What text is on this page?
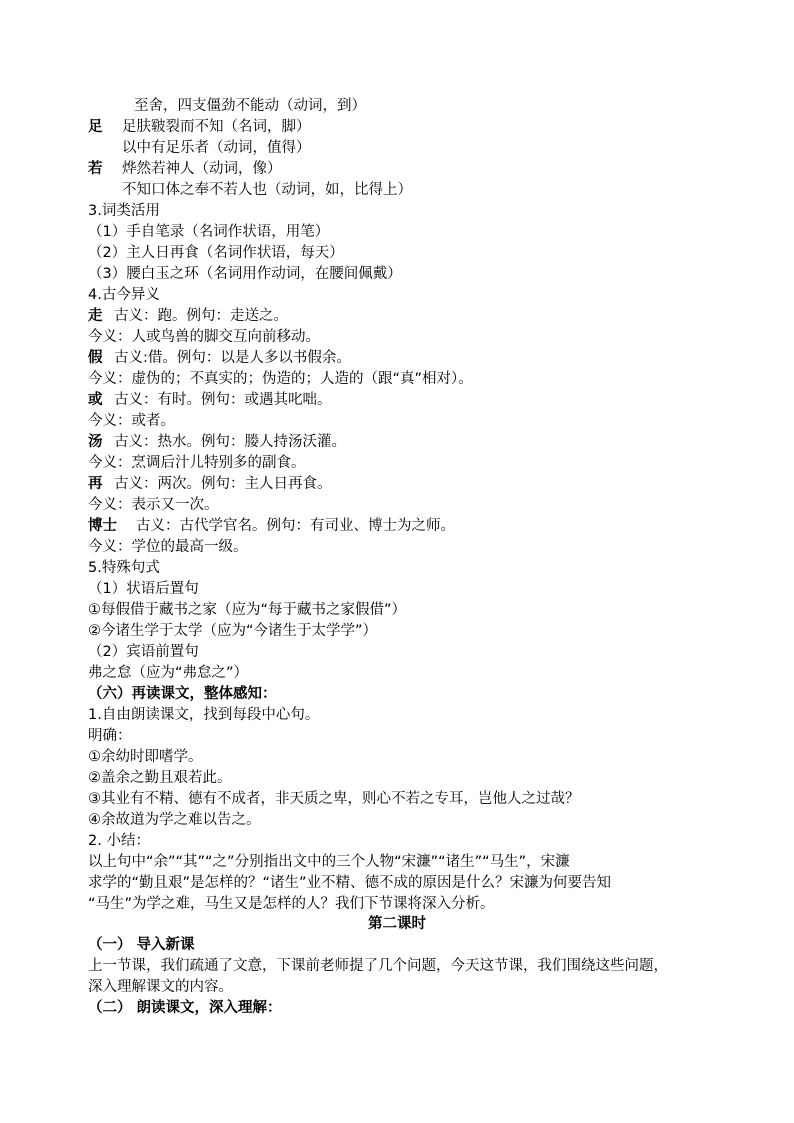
至舍，四支僵劲不能动（动词，到）
足 足肤皲裂而不知（名词，脚）
以中有足乐者（动词，值得）
若 烨然若神人（动词，像）
不知口体之奉不若人也（动词，如，比得上）
3.词类活用
（1）手自笔录（名词作状语，用笔）
（2）主人日再食（名词作状语，每天）
（3）腰白玉之环（名词用作动词，在腰间佩戴）
4.古今异义
走 古义：跑。例句：走送之。
今义：人或鸟兽的脚交互向前移动。
假 古义:借。例句：以是人多以书假余。
今义：虚伪的；不真实的；伪造的；人造的（跟“真”相对）。
或 古义：有时。例句：或遇其叱咄。
今义：或者。
汤 古义：热水。例句：媵人持汤沃灌。
今义：烹调后汁儿特别多的副食。
再 古义：两次。例句：主人日再食。
今义：表示又一次。
博士 古义：古代学官名。例句：有司业、博士为之师。
今义：学位的最高一级。
5.特殊句式
（1）状语后置句
①每假借于藏书之家（应为“每于藏书之家假借”）
②今诸生学于太学（应为“今诸生于太学学”）
（2）宾语前置句
弗之怠（应为“弗怠之”）
（六）再读课文，整体感知：
1.自由朗读课文，找到每段中心句。
明确：
①余幼时即嗜学。
②盖余之勤且艰若此。
③其业有不精、德有不成者，非天质之卑，则心不若之专耳，岂他人之过哉？
④余故道为学之难以告之。
2. 小结：
以上句中“余”“其”“之”分别指出文中的三个人物“宋濂”“诸生”“马生”，宋濂
求学的“勤且艰”是怎样的？“诸生”业不精、德不成的原因是什么？宋濂为何要告知
“马生”为学之难，马生又是怎样的人？我们下节课将深入分析。
第二课时
（一） 导入新课
上一节课，我们疏通了文意，下课前老师提了几个问题，今天这节课，我们围绕这些问题，
深入理解课文的内容。
（二） 朗读课文，深入理解：
